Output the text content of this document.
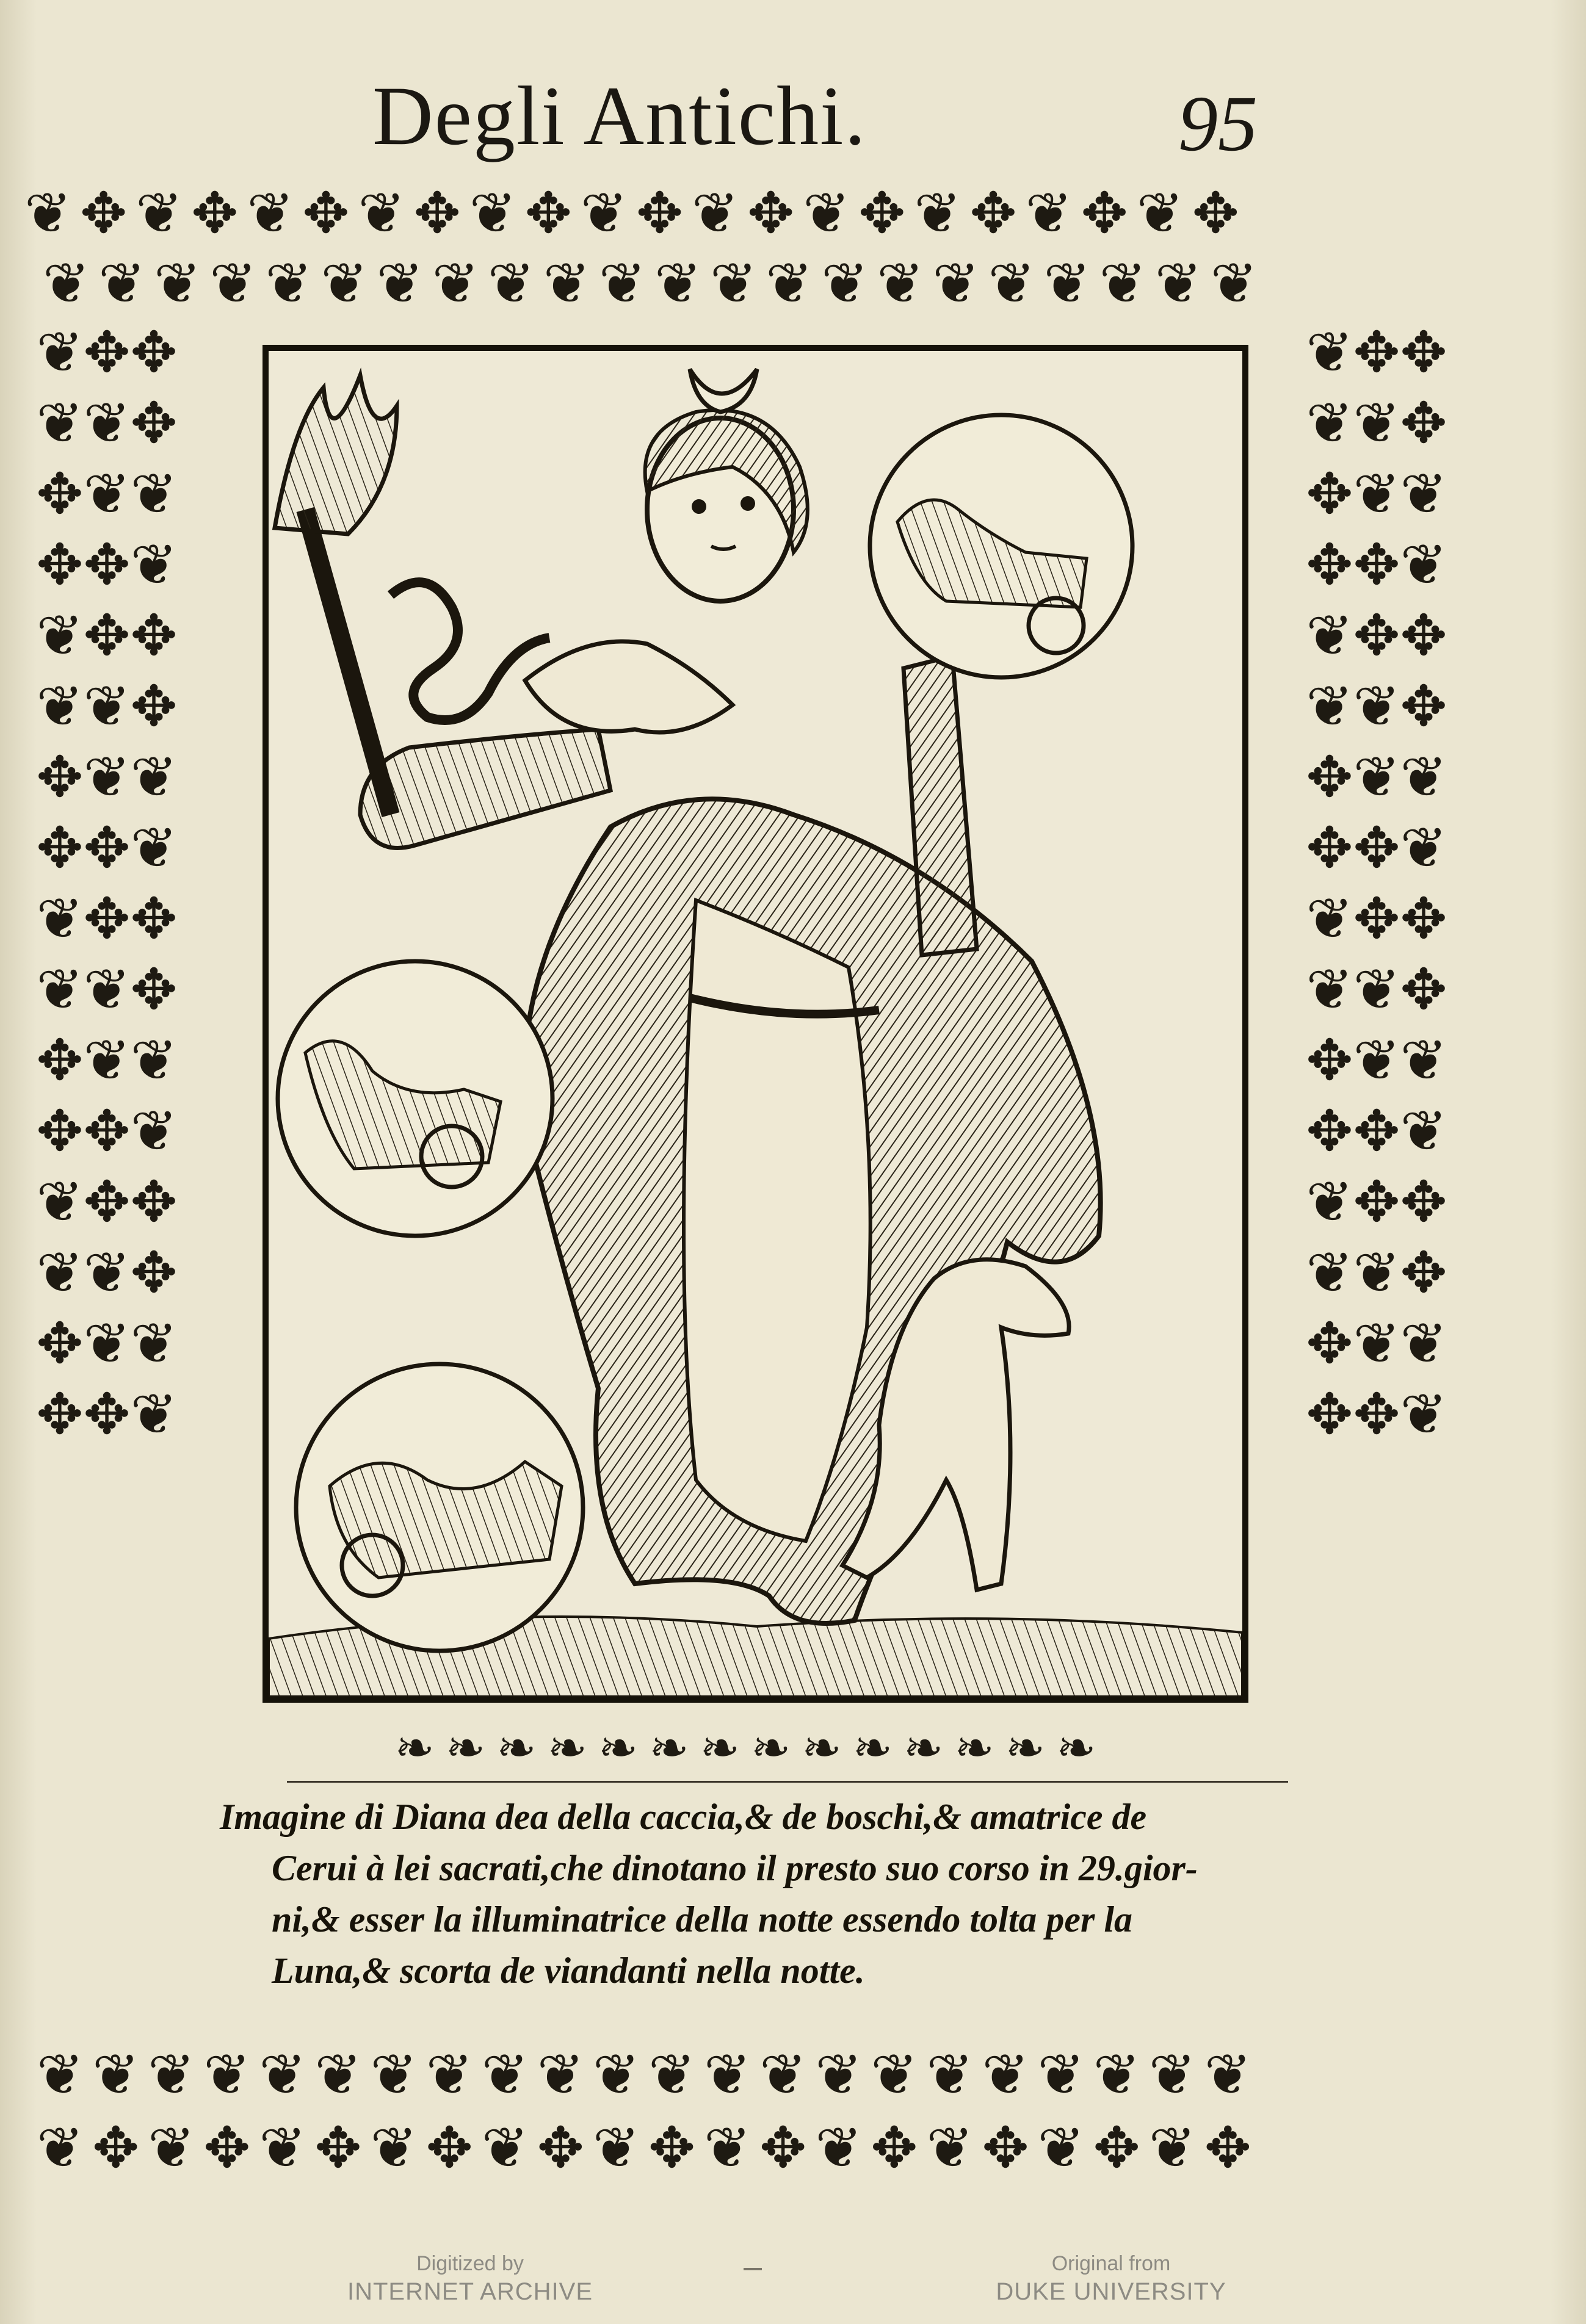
Degli Antichi.	95
❦✥❦✥❦✥❦✥❦✥❦✥❦✥❦✥❦✥❦✥❦✥
❦❦❦❦❦❦❦❦❦❦❦❦❦❦❦❦❦❦❦❦❦❦
❦❦❦❦❦❦❦❦❦❦❦❦❦❦❦❦❦❦❦❦❦❦
❦✥❦✥❦✥❦✥❦✥❦✥❦✥❦✥❦✥❦✥❦✥
❦✥✥❦❦✥✥❦❦✥✥❦❦✥✥❦❦✥✥❦❦✥✥❦❦✥✥❦❦✥✥❦❦✥✥❦❦✥✥❦❦✥✥❦❦✥✥❦
❦✥✥❦❦✥✥❦❦✥✥❦❦✥✥❦❦✥✥❦❦✥✥❦❦✥✥❦❦✥✥❦❦✥✥❦❦✥✥❦❦✥✥❦❦✥✥❦
❧❧❧❧❧❧❧❧❧❧❧❧❧❧
Imagine di Diana dea della caccia,& de boschi,& amatrice de
Cerui à lei sacrati,che dinotano il presto suo corso in 29.gior-
ni,& esser la illuminatrice della notte essendo tolta per la
Luna,& scorta de viandanti nella notte.
Digitized by
INTERNET ARCHIVE
Original from
DUKE UNIVERSITY
